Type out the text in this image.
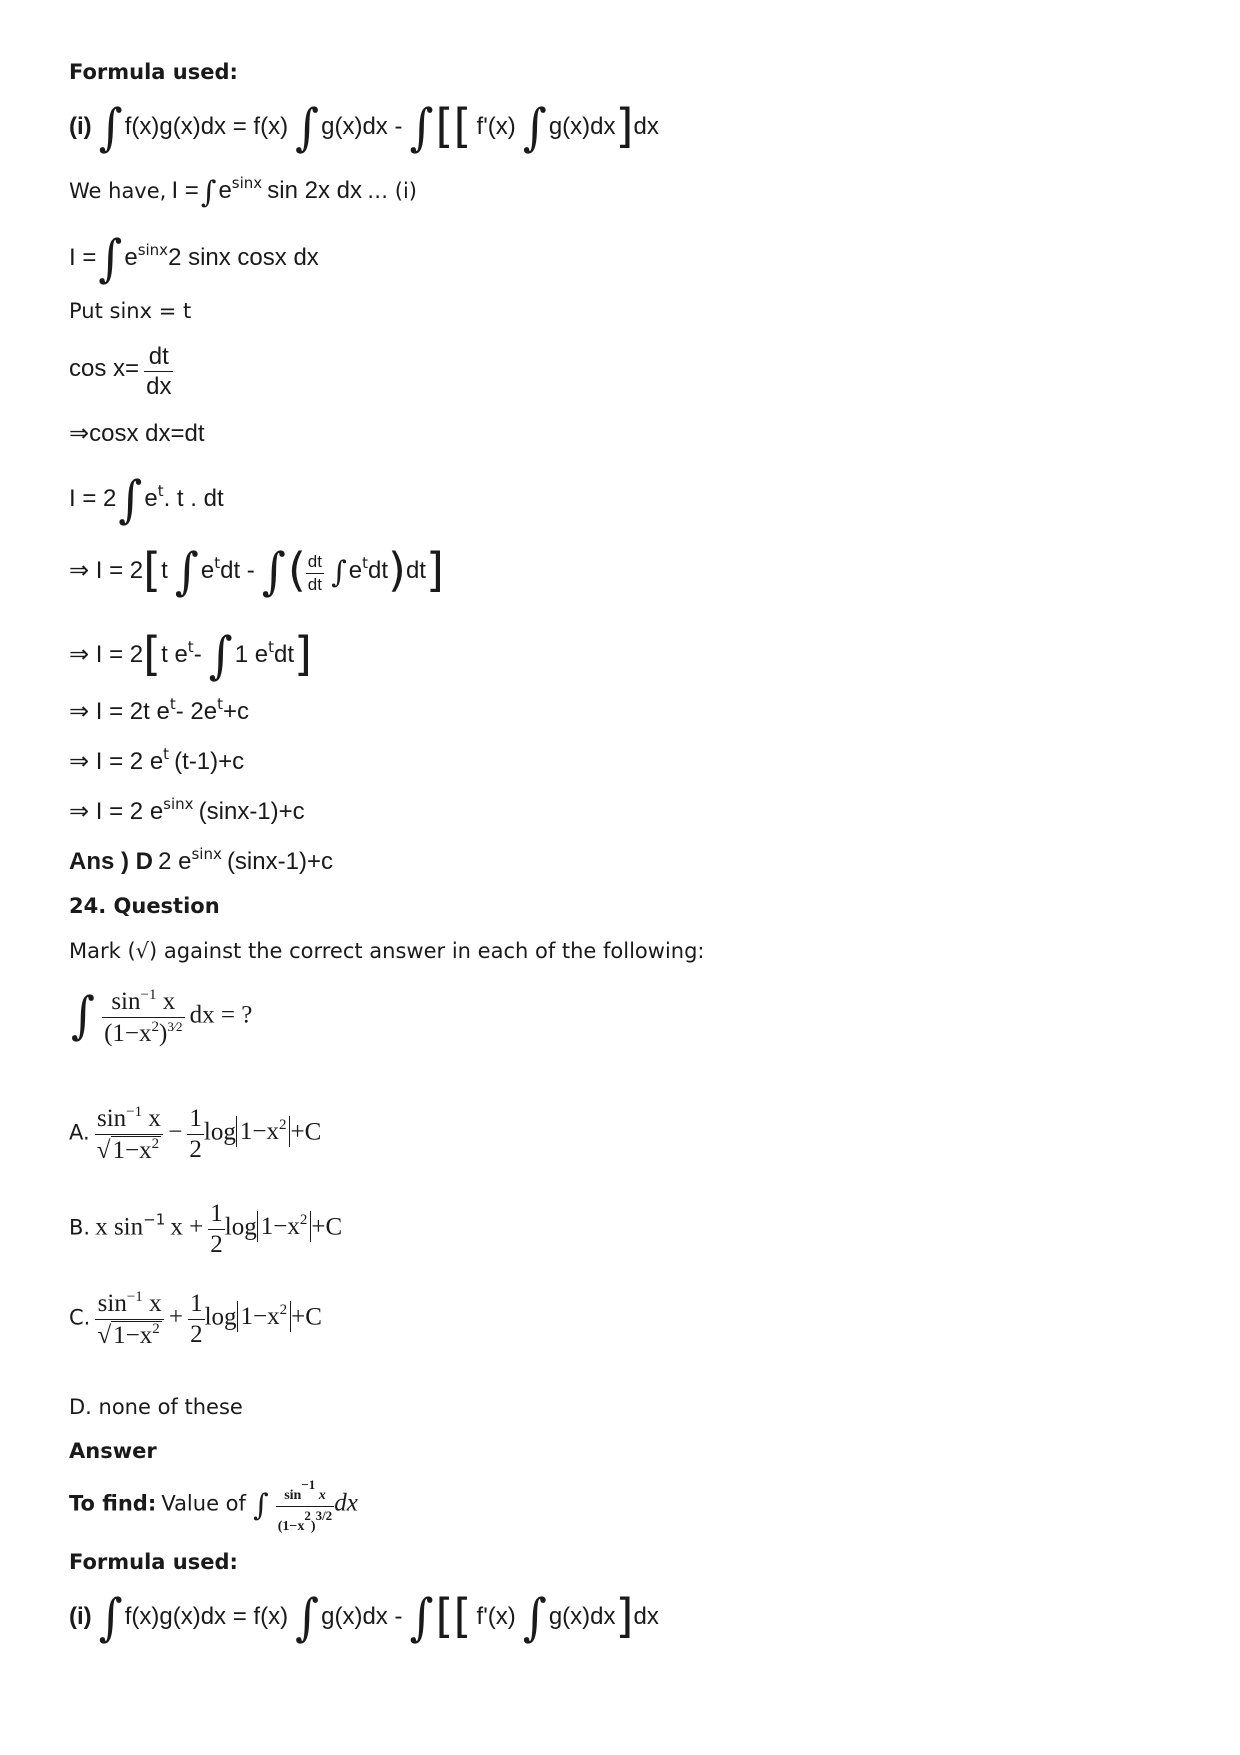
Formula used:
(i) ∫f(x)g(x)dx = f(x) ∫g(x)dx - ∫[[ f'(x) ∫g(x)dx]dx
We have, $I =\int e^{sinx}$ sin 2x dx … (i)
$I =\int e^{sinx}2$ sinx cosx dx
Put sinx = t
$\cos x= \frac{dt}{dx}$
⇒cosx dx=dt
$I = 2\int e^t$. t . dt
⇒ I = 2[t $\int e^tdt$ - ∫( $\frac{dt}{dt} \int e^tdt)dt$]
⇒ I = 2[t $e^t-$ ∫1 $e^tdt$]
⇒ I = 2t $e^t-$ $2e^t+c$
⇒ I = 2 $e^t$ (t-1)+c
⇒ I = 2 $e^{sinx}$ (sinx-1)+c
Ans ) D 2 $e^{sinx}$ (sinx-1)+c
24. Question
Mark (√) against the correct answer in each of the following:
∫ $\frac{\sin^{-1} x}{(1-x^2)^{3⁄2}}$ dx = ?
A. $\frac{\sin^{-1} x}{√1-x^2} - \frac{1}{2}$ $\log 1-x^2 +C$
B. x $\sin^{-1} x + \frac{1}{2}$ $\log 1-x^2 +C$
C. $\frac{\sin^{-1} x}{√1-x^2} + \frac{1}{2}$ $\log 1-x^2 +C$
D. none of these
Answer
To find: Value of ∫ $\frac{\sin^{-1} x}{(1-x^2)^{3/2}}$ dx
Formula used:
(i) ∫f(x)g(x)dx = f(x) ∫g(x)dx - ∫[[ f'(x) ∫g(x)dx]dx
